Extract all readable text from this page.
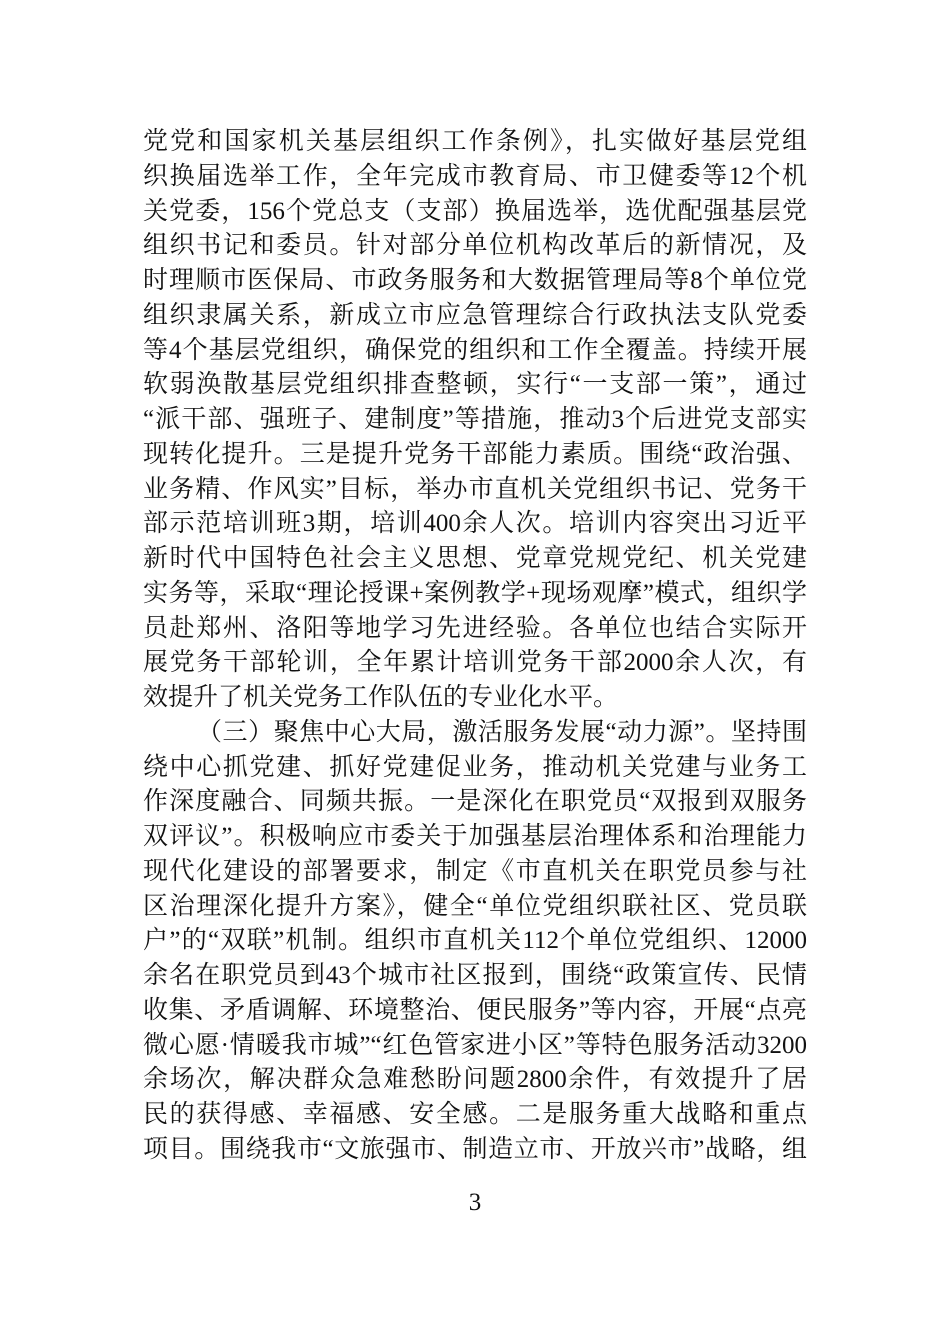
党党和国家机关基层组织工作条例》，扎实做好基层党组
织换届选举工作，全年完成市教育局、市卫健委等12个机
关党委，156个党总支（支部）换届选举，选优配强基层党
组织书记和委员。针对部分单位机构改革后的新情况，及
时理顺市医保局、市政务服务和大数据管理局等8个单位党
组织隶属关系，新成立市应急管理综合行政执法支队党委
等4个基层党组织，确保党的组织和工作全覆盖。持续开展
软弱涣散基层党组织排查整顿，实行“一支部一策”，通过
“派干部、强班子、建制度”等措施，推动3个后进党支部实
现转化提升。三是提升党务干部能力素质。围绕“政治强、
业务精、作风实”目标，举办市直机关党组织书记、党务干
部示范培训班3期，培训400余人次。培训内容突出习近平
新时代中国特色社会主义思想、党章党规党纪、机关党建
实务等，采取“理论授课+案例教学+现场观摩”模式，组织学
员赴郑州、洛阳等地学习先进经验。各单位也结合实际开
展党务干部轮训，全年累计培训党务干部2000余人次，有
效提升了机关党务工作队伍的专业化水平。
（三）聚焦中心大局，激活服务发展“动力源”。坚持围
绕中心抓党建、抓好党建促业务，推动机关党建与业务工
作深度融合、同频共振。一是深化在职党员“双报到双服务
双评议”。积极响应市委关于加强基层治理体系和治理能力
现代化建设的部署要求，制定《市直机关在职党员参与社
区治理深化提升方案》，健全“单位党组织联社区、党员联
户”的“双联”机制。组织市直机关112个单位党组织、12000
余名在职党员到43个城市社区报到，围绕“政策宣传、民情
收集、矛盾调解、环境整治、便民服务”等内容，开展“点亮
微心愿·情暖我市城”“红色管家进小区”等特色服务活动3200
余场次，解决群众急难愁盼问题2800余件，有效提升了居
民的获得感、幸福感、安全感。二是服务重大战略和重点
项目。围绕我市“文旅强市、制造立市、开放兴市”战略，组
3
